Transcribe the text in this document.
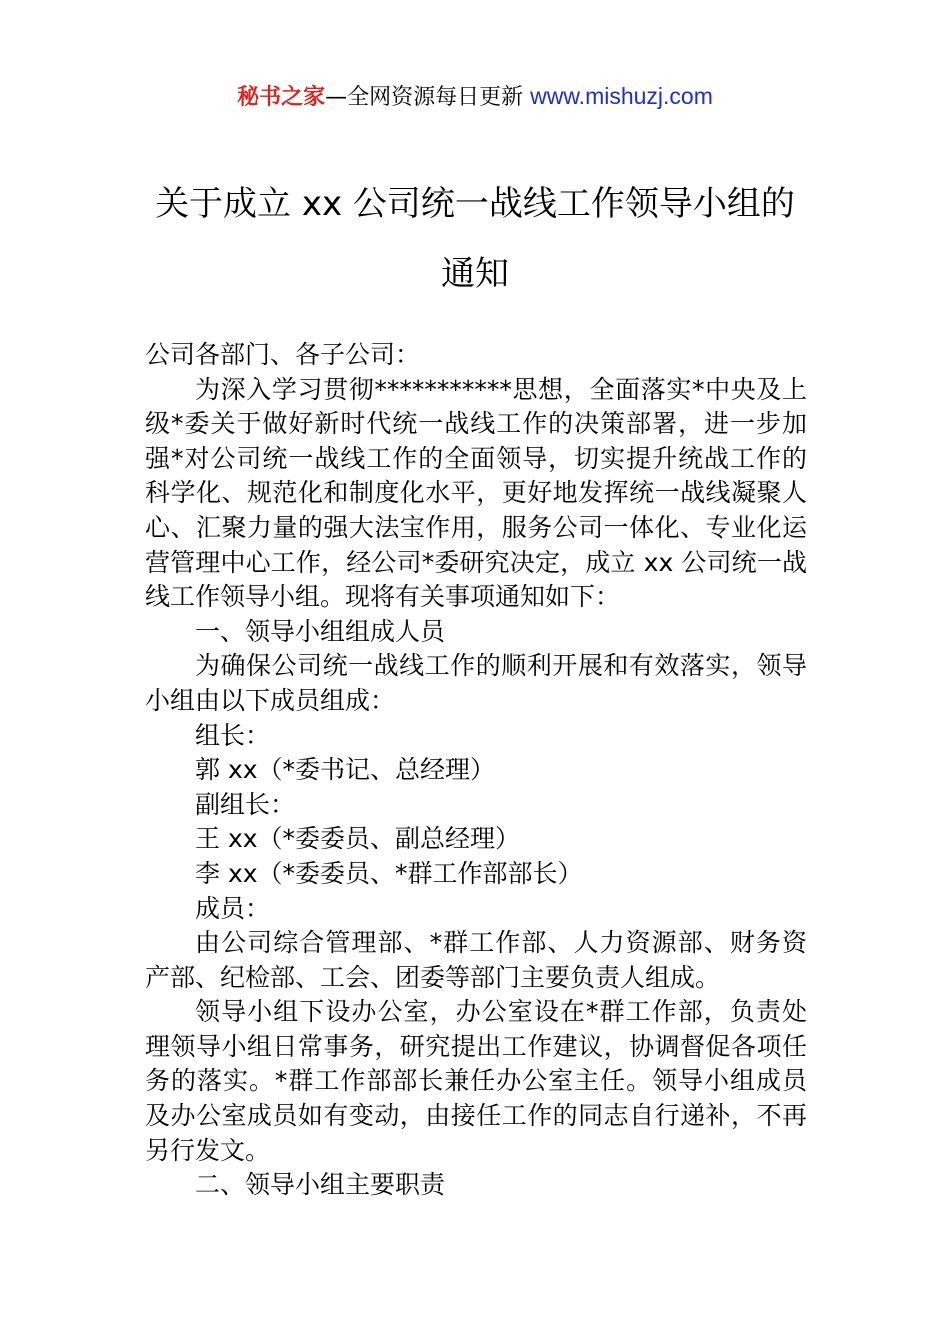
秘书之家—全网资源每日更新 www.mishuzj.com
关于成立 xx 公司统一战线工作领导小组的
通知

公司各部门、各子公司：

为深入学习贯彻***********思想，全面落实*中央及上级*委关于做好新时代统一战线工作的决策部署，进一步加强*对公司统一战线工作的全面领导，切实提升统战工作的科学化、规范化和制度化水平，更好地发挥统一战线凝聚人心、汇聚力量的强大法宝作用，服务公司一体化、专业化运营管理中心工作，经公司*委研究决定，成立 xx 公司统一战线工作领导小组。现将有关事项通知如下：

一、领导小组组成人员

为确保公司统一战线工作的顺利开展和有效落实，领导小组由以下成员组成：

组长：

郭 xx（*委书记、总经理）

副组长：

王 xx（*委委员、副总经理）

李 xx（*委委员、*群工作部部长）

成员：

由公司综合管理部、*群工作部、人力资源部、财务资产部、纪检部、工会、团委等部门主要负责人组成。

领导小组下设办公室，办公室设在*群工作部，负责处理领导小组日常事务，研究提出工作建议，协调督促各项任务的落实。*群工作部部长兼任办公室主任。领导小组成员及办公室成员如有变动，由接任工作的同志自行递补，不再另行发文。

二、领导小组主要职责
